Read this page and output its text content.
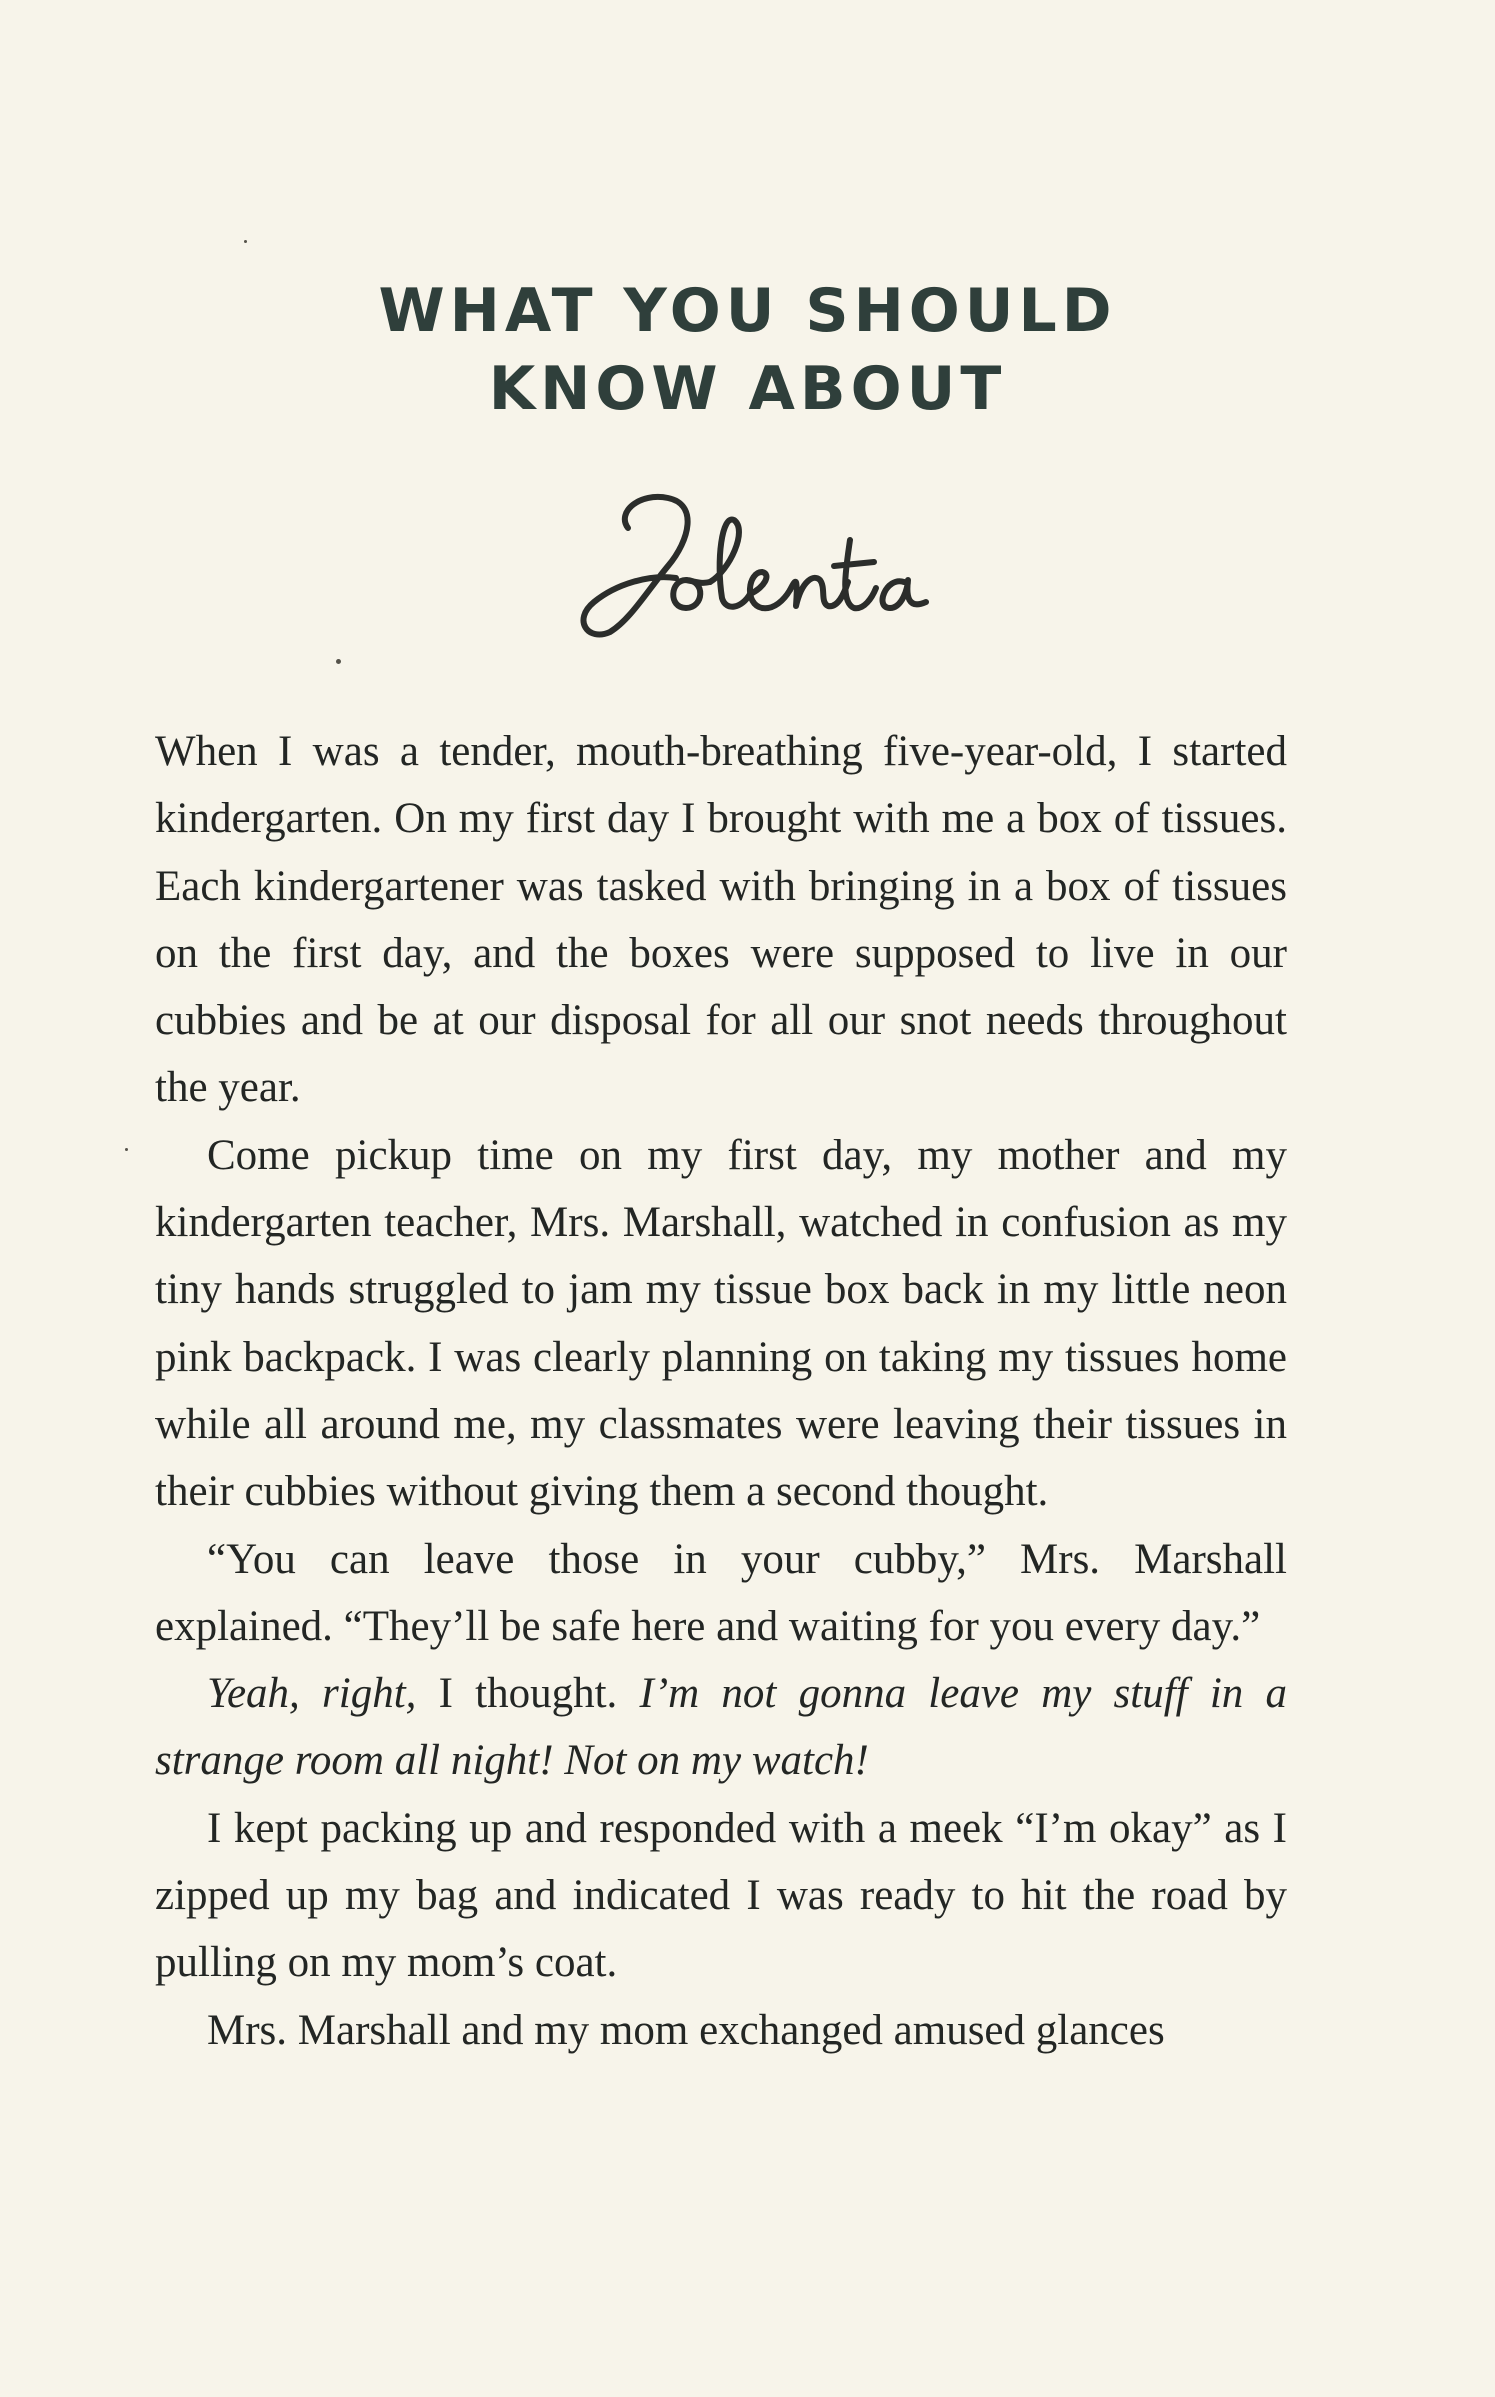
WHAT YOU SHOULD
KNOW ABOUT

When I was a tender, mouth-breathing five-year-old, I started kindergarten. On my first day I brought with me a box of tissues. Each kindergartener was tasked with bringing in a box of tissues on the first day, and the boxes were supposed to live in our cubbies and be at our disposal for all our snot needs throughout the year.

Come pickup time on my first day, my mother and my kindergarten teacher, Mrs. Marshall, watched in confusion as my tiny hands struggled to jam my tissue box back in my little neon pink backpack. I was clearly planning on taking my tissues home while all around me, my classmates were leaving their tissues in their cubbies without giving them a second thought.

“You can leave those in your cubby,” Mrs. Marshall explained. “They’ll be safe here and waiting for you every day.”

Yeah, right, I thought. I’m not gonna leave my stuff in a strange room all night! Not on my watch!

I kept packing up and responded with a meek “I’m okay” as I zipped up my bag and indicated I was ready to hit the road by pulling on my mom’s coat.

Mrs. Marshall and my mom exchanged amused glances
